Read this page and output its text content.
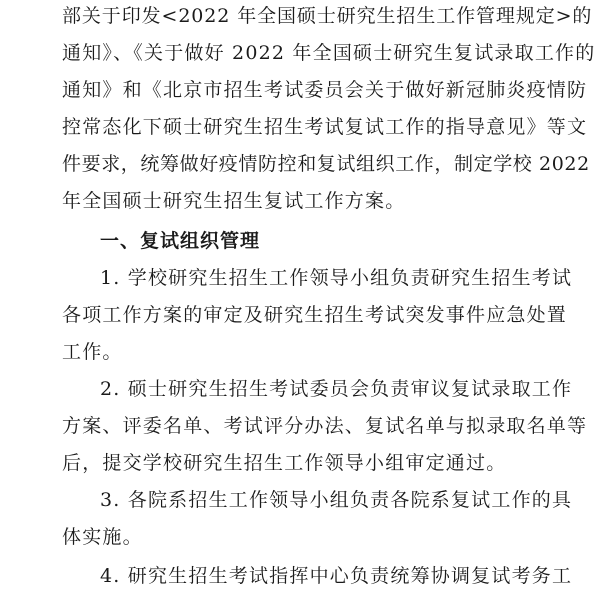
部关于印发<2022 年全国硕士研究生招生工作管理规定>的
通知》、《关于做好 2022 年全国硕士研究生复试录取工作的
通知》和《北京市招生考试委员会关于做好新冠肺炎疫情防
控常态化下硕士研究生招生考试复试工作的指导意见》等文
件要求，统筹做好疫情防控和复试组织工作，制定学校 2022
年全国硕士研究生招生复试工作方案。
一、复试组织管理
1. 学校研究生招生工作领导小组负责研究生招生考试
各项工作方案的审定及研究生招生考试突发事件应急处置
工作。
2. 硕士研究生招生考试委员会负责审议复试录取工作
方案、评委名单、考试评分办法、复试名单与拟录取名单等
后，提交学校研究生招生工作领导小组审定通过。
3. 各院系招生工作领导小组负责各院系复试工作的具
体实施。
4. 研究生招生考试指挥中心负责统筹协调复试考务工
